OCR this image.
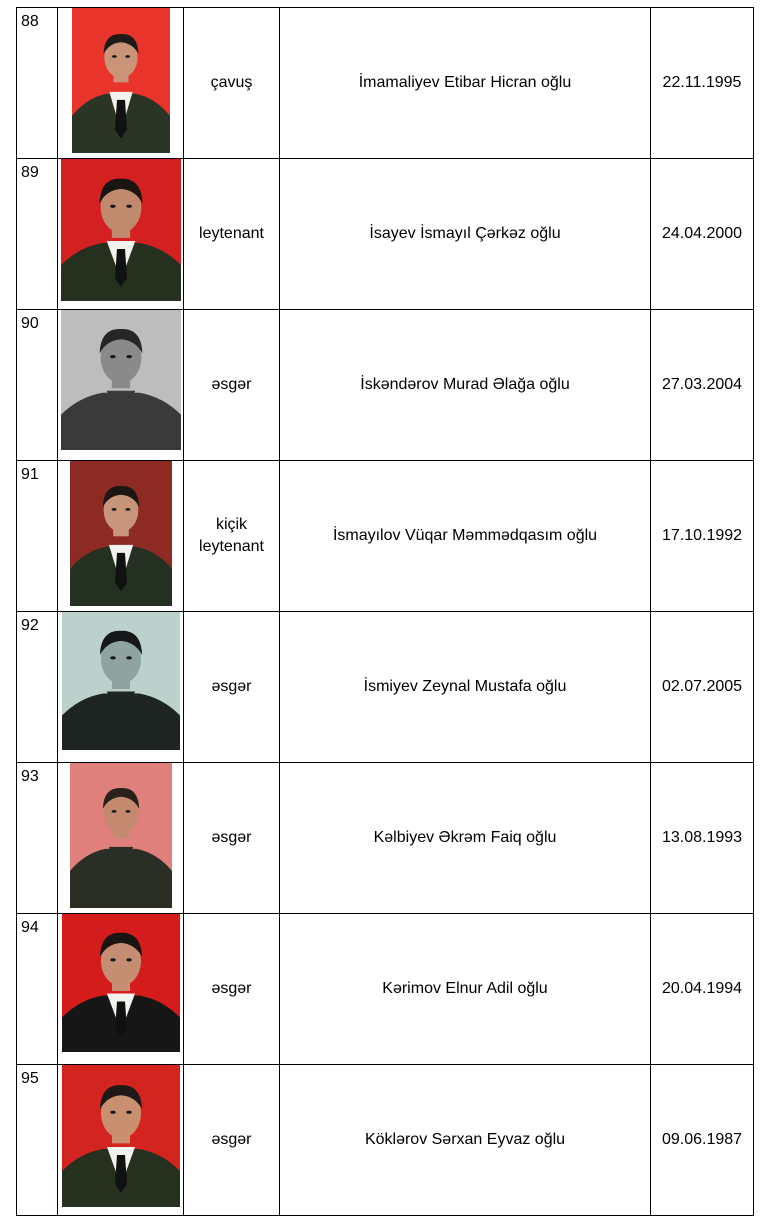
88		çavuş	İmamaliyev Etibar Hicran oğlu	22.11.1995
89		leytenant	İsayev İsmayıl Çərkəz oğlu	24.04.2000
90		əsgər	İskəndərov Murad Əlağa oğlu	27.03.2004
91		kiçik leytenant	İsmayılov Vüqar Məmmədqasım oğlu	17.10.1992
92		əsgər	İsmiyev Zeynal Mustafa oğlu	02.07.2005
93		əsgər	Kəlbiyev Əkrəm Faiq oğlu	13.08.1993
94		əsgər	Kərimov Elnur Adil oğlu	20.04.1994
95		əsgər	Köklərov Sərxan Eyvaz oğlu	09.06.1987
